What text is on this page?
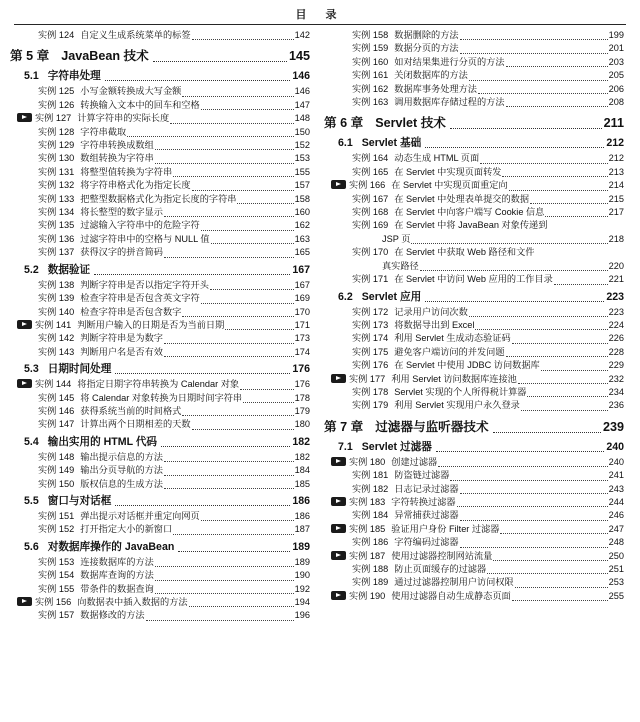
目 录
实例 124 自定义生成系统菜单的标签	142
第 5 章 JavaBean 技术	145
5.1 字符串处理	146
实例 125 小写金额转换成大写金额	146
实例 126 转换输入文本中的回车和空格	147
实例 127 计算字符串的实际长度	148
实例 128 字符串截取	150
实例 129 字符串转换成数组	152
实例 130 数组转换为字符串	153
实例 131 将整型值转换为字符串	155
实例 132 将字符串格式化为指定长度	157
实例 133 把整型数据格式化为指定长度的字符串	158
实例 134 将长整型的数字显示	160
实例 135 过滤输入字符串中的危险字符	162
实例 136 过滤字符串中的空格与 NULL 值	163
实例 137 获得汉字的拼音简码	165
5.2 数据验证	167
实例 138 判断字符串是否以指定字符开头	167
实例 139 检查字符串是否包含英文字符	169
实例 140 检查字符串是否包含数字	170
实例 141 判断用户输入的日期是否为当前日期	171
实例 142 判断字符串是为数字	173
实例 143 判断用户名是否有效	174
5.3 日期时间处理	176
实例 144 将指定日期字符串转换为 Calendar 对象	176
实例 145 将 Calendar 对象转换为日期时间字符串	178
实例 146 获得系统当前的时间格式	179
实例 147 计算出两个日期相差的天数	180
5.4 输出实用的 HTML 代码	182
实例 148 输出提示信息的方法	182
实例 149 输出分页导航的方法	184
实例 150 版权信息的生成方法	185
5.5 窗口与对话框	186
实例 151 弹出提示对话框并重定向网页	186
实例 152 打开指定大小的新窗口	187
5.6 对数据库操作的 JavaBean	189
实例 153 连接数据库的方法	189
实例 154 数据库查询的方法	190
实例 155 带条件的数据查询	192
实例 156 向数据表中插入数据的方法	194
实例 157 数据修改的方法	196
实例 158 数据删除的方法	199
实例 159 数据分页的方法	201
实例 160 如对结果集进行分页的方法	203
实例 161 关闭数据库的方法	205
实例 162 数据库事务处理方法	206
实例 163 调用数据库存储过程的方法	208
第 6 章 Servlet 技术	211
6.1 Servlet 基础	212
实例 164 动态生成 HTML 页面	212
实例 165 在 Servlet 中实现页面转发	213
实例 166 在 Servlet 中实现页面重定向	214
实例 167 在 Servlet 中处理表单提交的数据	215
实例 168 在 Servlet 中向客户端写 Cookie 信息	217
实例 169 在 Servlet 中将 JavaBean 对象传递到
JSP 页	218
实例 170 在 Servlet 中获取 Web 路径和文件
真实路径	220
实例 171 在 Servlet 中访问 Web 应用的工作目录	221
6.2 Servlet 应用	223
实例 172 记录用户访问次数	223
实例 173 将数据导出到 Excel	224
实例 174 利用 Servlet 生成动态验证码	226
实例 175 避免客户端访问的并发问题	228
实例 176 在 Servlet 中使用 JDBC 访问数据库	229
实例 177 利用 Servlet 访问数据库连接池	232
实例 178 Servlet 实现的个人所得税计算器	234
实例 179 利用 Servlet 实现用户永久登录	236
第 7 章 过滤器与监听器技术	239
7.1 Servlet 过滤器	240
实例 180 创建过滤器	240
实例 181 防盗链过滤器	241
实例 182 日志记录过滤器	243
实例 183 字符转换过滤器	244
实例 184 异常捕获过滤器	246
实例 185 验证用户身份 Filter 过滤器	247
实例 186 字符编码过滤器	248
实例 187 使用过滤器控制网站流量	250
实例 188 防止页面缓存的过滤器	251
实例 189 通过过滤器控制用户访问权限	253
实例 190 使用过滤器自动生成静态页面	255
